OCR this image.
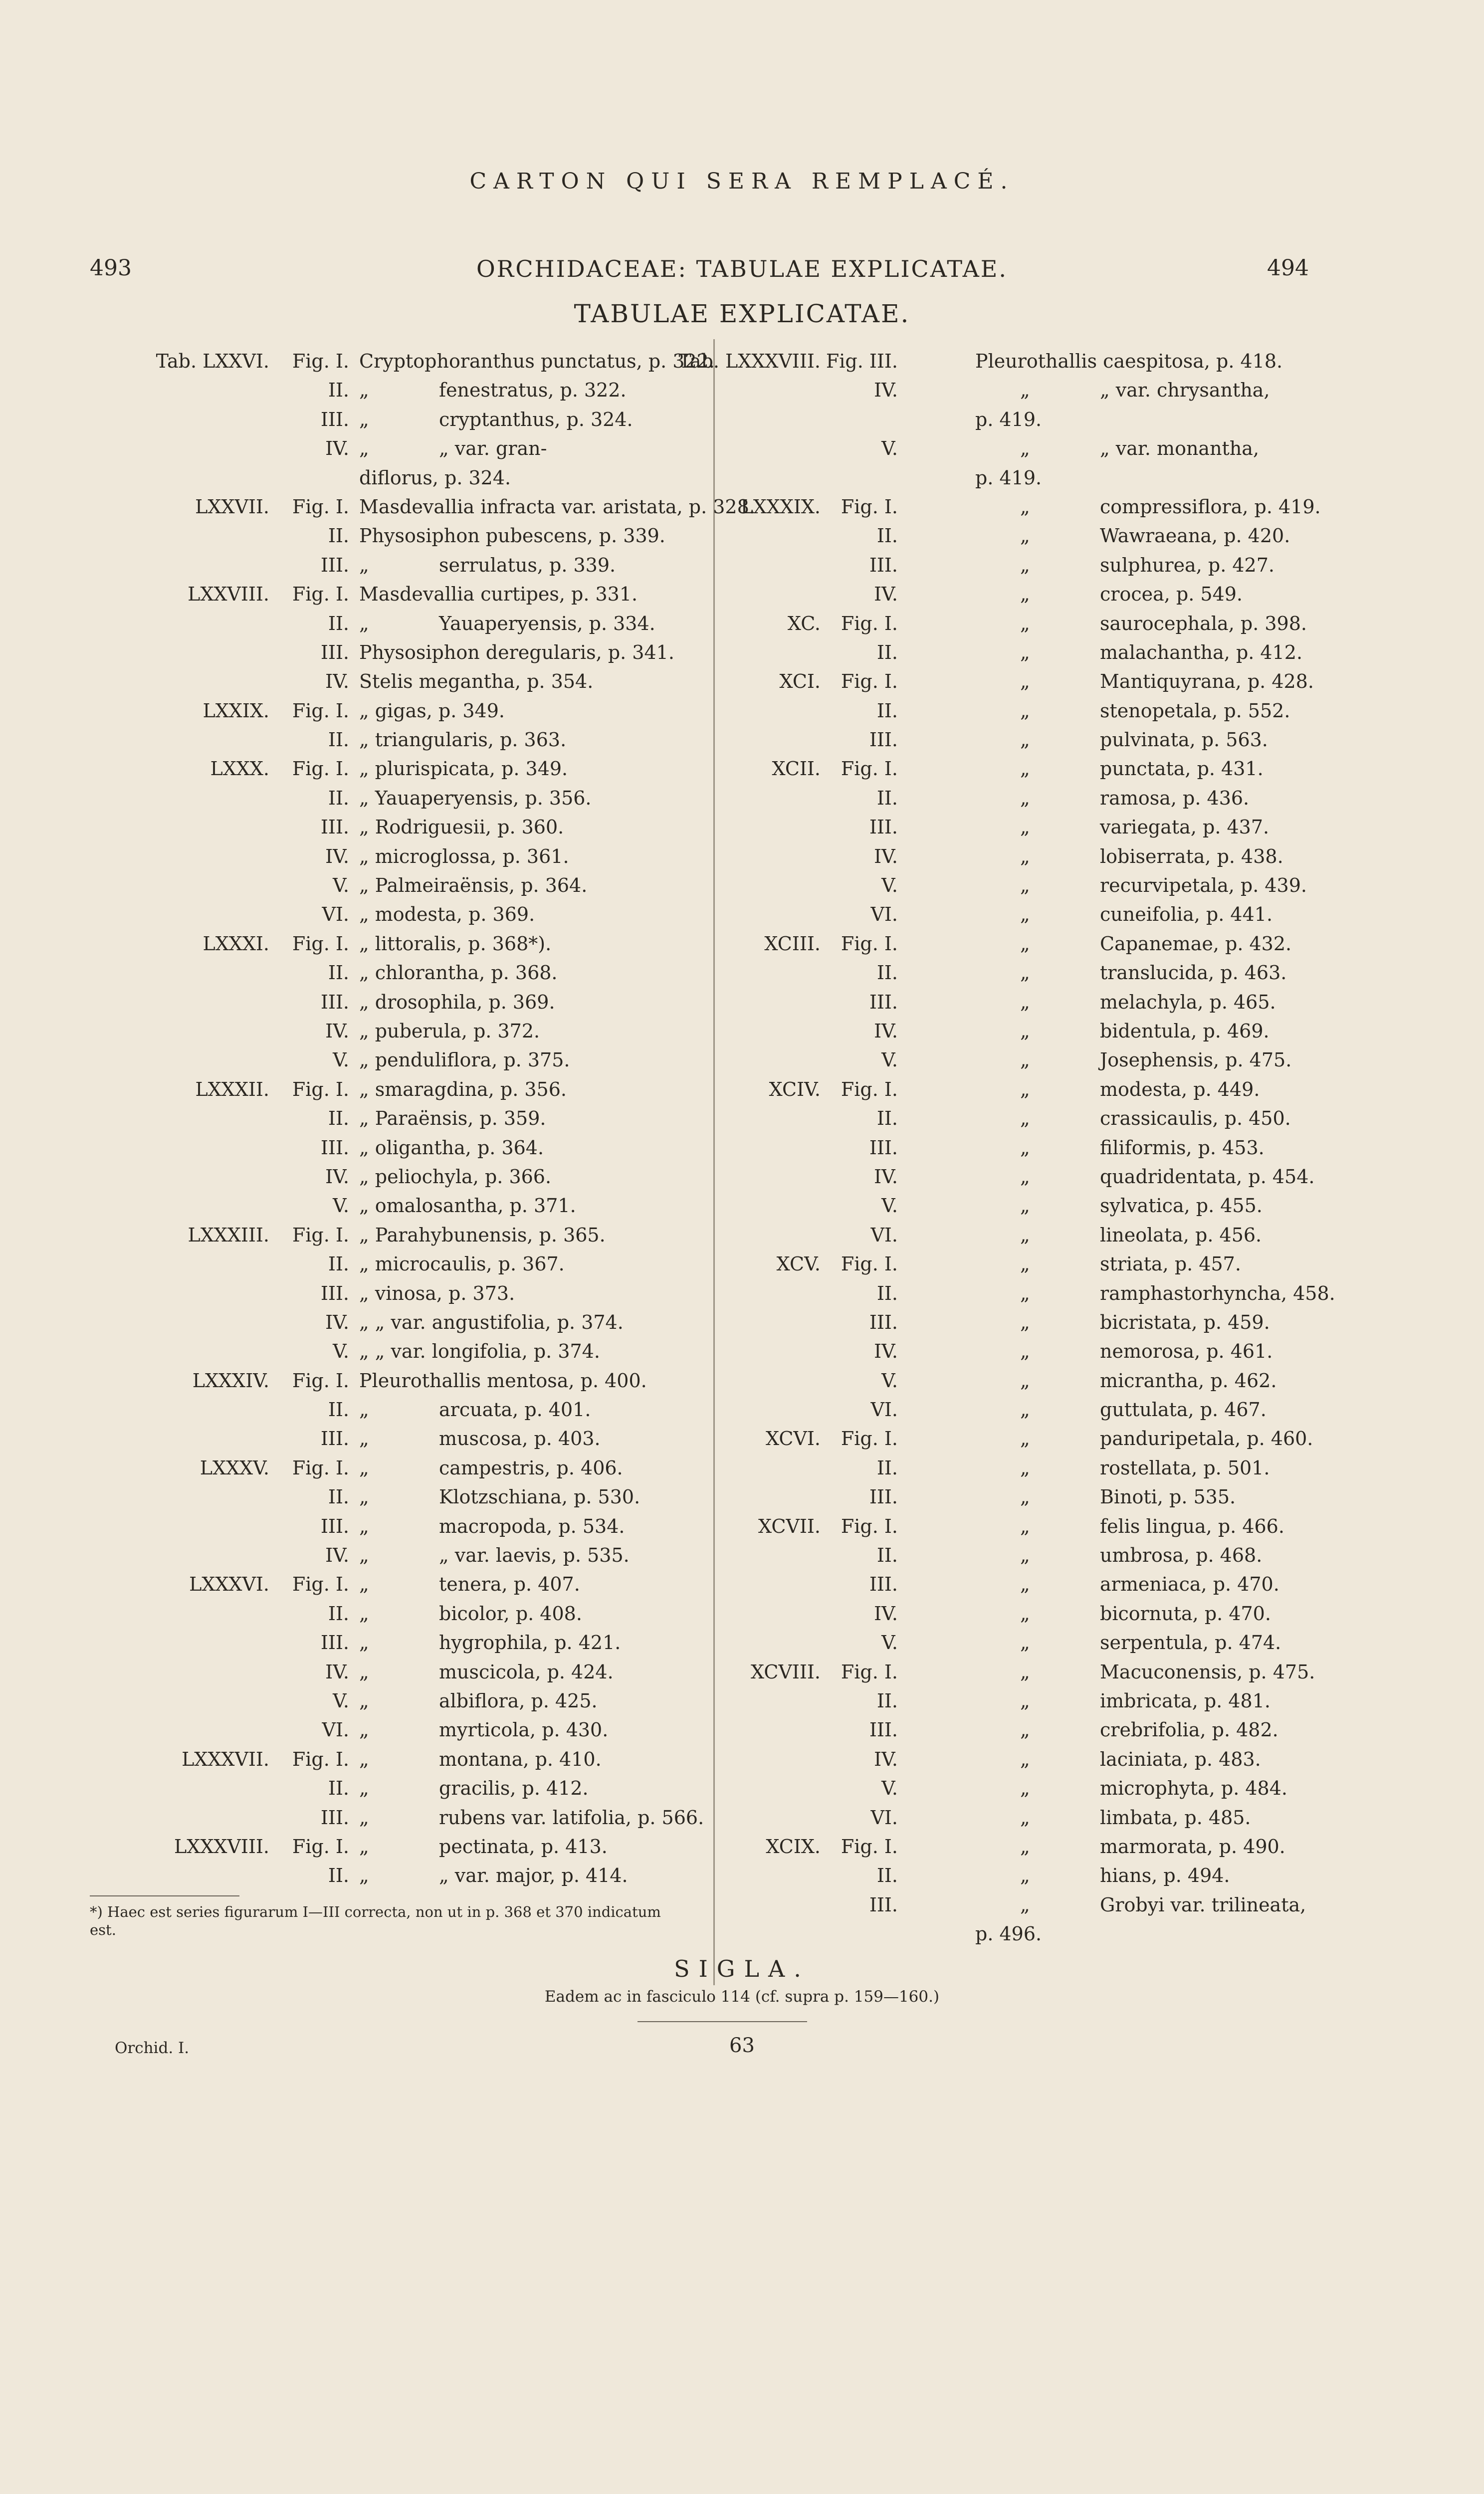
CARTON QUI SERA REMPLACÉ.
493	ORCHIDACEAE: TABULAE EXPLICATAE.	494
TABULAE EXPLICATAE.
Tab. LXXVI. Fig. I. Cryptophoranthus punctatus, p. 322.
II. „	fenestratus, p. 322.
III. „	cryptanthus, p. 324.
IV. „	„ var. gran-
diflorus, p. 324.
LXXVII. Fig. I. Masdevallia infracta var. aristata, p. 328.
II. Physosiphon pubescens, p. 339.
III. „	serrulatus, p. 339.
LXXVIII. Fig. I. Masdevallia curtipes, p. 331.
II. „	Yauaperyensis, p. 334.
III. Physosiphon deregularis, p. 341.
IV. Stelis megantha, p. 354.
LXXIX. Fig. I. „ gigas, p. 349.
II. „ triangularis, p. 363.
LXXX. Fig. I. „ plurispicata, p. 349.
II. „ Yauaperyensis, p. 356.
III. „ Rodriguesii, p. 360.
IV. „ microglossa, p. 361.
V. „ Palmeiraënsis, p. 364.
VI. „ modesta, p. 369.
LXXXI. Fig. I. „ littoralis, p. 368*).
II. „ chlorantha, p. 368.
III. „ drosophila, p. 369.
IV. „ puberula, p. 372.
V. „ penduliflora, p. 375.
LXXXII. Fig. I. „ smaragdina, p. 356.
II. „ Paraënsis, p. 359.
III. „ oligantha, p. 364.
IV. „ peliochyla, p. 366.
V. „ omalosantha, p. 371.
LXXXIII. Fig. I. „ Parahybunensis, p. 365.
II. „ microcaulis, p. 367.
III. „ vinosa, p. 373.
IV. „ „ var. angustifolia, p. 374.
V. „ „ var. longifolia, p. 374.
LXXXIV. Fig. I. Pleurothallis mentosa, p. 400.
II. „	arcuata, p. 401.
III. „	muscosa, p. 403.
LXXXV. Fig. I. „	campestris, p. 406.
II. „	Klotzschiana, p. 530.
III. „	macropoda, p. 534.
IV. „	„ var. laevis, p. 535.
LXXXVI. Fig. I. „	tenera, p. 407.
II. „	bicolor, p. 408.
III. „	hygrophila, p. 421.
IV. „	muscicola, p. 424.
V. „	albiflora, p. 425.
VI. „	myrticola, p. 430.
LXXXVII. Fig. I. „	montana, p. 410.
II. „	gracilis, p. 412.
III. „	rubens var. latifolia, p. 566.
LXXXVIII. Fig. I. „	pectinata, p. 413.
II. „	„ var. major, p. 414.
Tab. LXXXVIII. Fig. III.	Pleurothallis caespitosa, p. 418.
IV.	„	„ var. chrysantha,
p. 419.
V.	„	„ var. monantha,
p. 419.
LXXXIX. Fig. I.	„	compressiflora, p. 419.
II.	„	Wawraeana, p. 420.
III.	„	sulphurea, p. 427.
IV.	„	crocea, p. 549.
XC. Fig. I.	„	saurocephala, p. 398.
II.	„	malachantha, p. 412.
XCI. Fig. I.	„	Mantiquyrana, p. 428.
II.	„	stenopetala, p. 552.
III.	„	pulvinata, p. 563.
XCII. Fig. I.	„	punctata, p. 431.
II.	„	ramosa, p. 436.
III.	„	variegata, p. 437.
IV.	„	lobiserrata, p. 438.
V.	„	recurvipetala, p. 439.
VI.	„	cuneifolia, p. 441.
XCIII. Fig. I.	„	Capanemae, p. 432.
II.	„	translucida, p. 463.
III.	„	melachyla, p. 465.
IV.	„	bidentula, p. 469.
V.	„	Josephensis, p. 475.
XCIV. Fig. I.	„	modesta, p. 449.
II.	„	crassicaulis, p. 450.
III.	„	filiformis, p. 453.
IV.	„	quadridentata, p. 454.
V.	„	sylvatica, p. 455.
VI.	„	lineolata, p. 456.
XCV. Fig. I.	„	striata, p. 457.
II.	„	ramphastorhyncha, 458.
III.	„	bicristata, p. 459.
IV.	„	nemorosa, p. 461.
V.	„	micrantha, p. 462.
VI.	„	guttulata, p. 467.
XCVI. Fig. I.	„	panduripetala, p. 460.
II.	„	rostellata, p. 501.
III.	„	Binoti, p. 535.
XCVII. Fig. I.	„	felis lingua, p. 466.
II.	„	umbrosa, p. 468.
III.	„	armeniaca, p. 470.
IV.	„	bicornuta, p. 470.
V.	„	serpentula, p. 474.
XCVIII. Fig. I.	„	Macuconensis, p. 475.
II.	„	imbricata, p. 481.
III.	„	crebrifolia, p. 482.
IV.	„	laciniata, p. 483.
V.	„	microphyta, p. 484.
VI.	„	limbata, p. 485.
XCIX. Fig. I.	„	marmorata, p. 490.
II.	„	hians, p. 494.
III.	„	Grobyi var. trilineata,
p. 496.
*) Haec est series figurarum I—III correcta, non ut in p. 368 et 370 indicatum est.
SIGLA.
Eadem ac in fasciculo 114 (cf. supra p. 159—160.)
Orchid. I.	63
